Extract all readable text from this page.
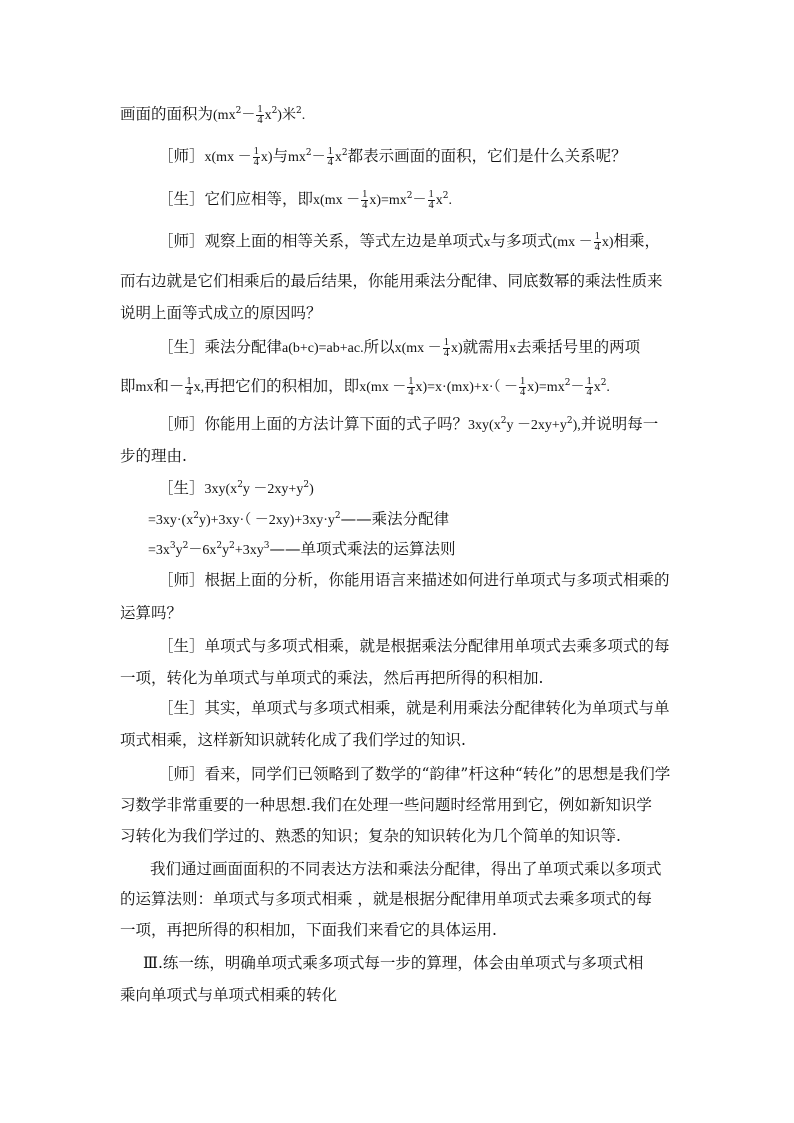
画面的面积为$(mx^2- \frac{1}{4} x^2)$米$^2$.
［师］x(mx － $\frac{1}{4} x$)与$mx^2- \frac{1}{4} x^2$都表示画面的面积，它们是什么关系呢？
［生］它们应相等，即$x(mx - \frac{1}{4} x)=mx^2- \frac{1}{4} x^2$.
［师］观察上面的相等关系，等式左边是单项式x与多项式$(mx - \frac{1}{4} x)$相乘，
而右边就是它们相乘后的最后结果，你能用乘法分配律、同底数幂的乘法性质来
说明上面等式成立的原因吗？
［生］乘法分配律a(b+c)=ab+ac.所以$x(mx - \frac{1}{4} x)$就需用x去乘括号里的两项
即mx和－ $\frac{1}{4} x$,再把它们的积相加，即$x(mx - \frac{1}{4} x)=x\cdot(mx)+x\cdot( - \frac{1}{4} x)=mx^2- \frac{1}{4} x^2$.
［师］你能用上面的方法计算下面的式子吗？$3xy(x^2y -2xy+y^2)$,并说明每一
步的理由.
［生$]3xy(x^2y -2xy+y^2)$
$=3xy\cdot(x^2y)+3xy\cdot$（ $-2xy)+3xy\cdot y^2——$乘法分配律
$=3x^3y^2-6x^2y^2+3xy^3——$单项式乘法的运算法则
［师］根据上面的分析，你能用语言来描述如何进行单项式与多项式相乘的
运算吗？
［生］单项式与多项式相乘，就是根据乘法分配律用单项式去乘多项式的每
一项，转化为单项式与单项式的乘法，然后再把所得的积相加.
［生］其实，单项式与多项式相乘，就是利用乘法分配律转化为单项式与单
项式相乘，这样新知识就转化成了我们学过的知识.
［师］看来，同学们已领略到了数学的“韵律”杆这种“转化”的思想是我们学
习数学非常重要的一种思想.我们在处理一些问题时经常用到它，例如新知识学
习转化为我们学过的、熟悉的知识；复杂的知识转化为几个简单的知识等.
我们通过画面面积的不同表达方法和乘法分配律，得出了单项式乘以多项式
的运算法则：单项式与多项式相乘 ，就是根据分配律用单项式去乘多项式的每
一项，再把所得的积相加，下面我们来看它的具体运用.
Ⅲ.练一练，明确单项式乘多项式每一步的算理，体会由单项式与多项式相
乘向单项式与单项式相乘的转化
